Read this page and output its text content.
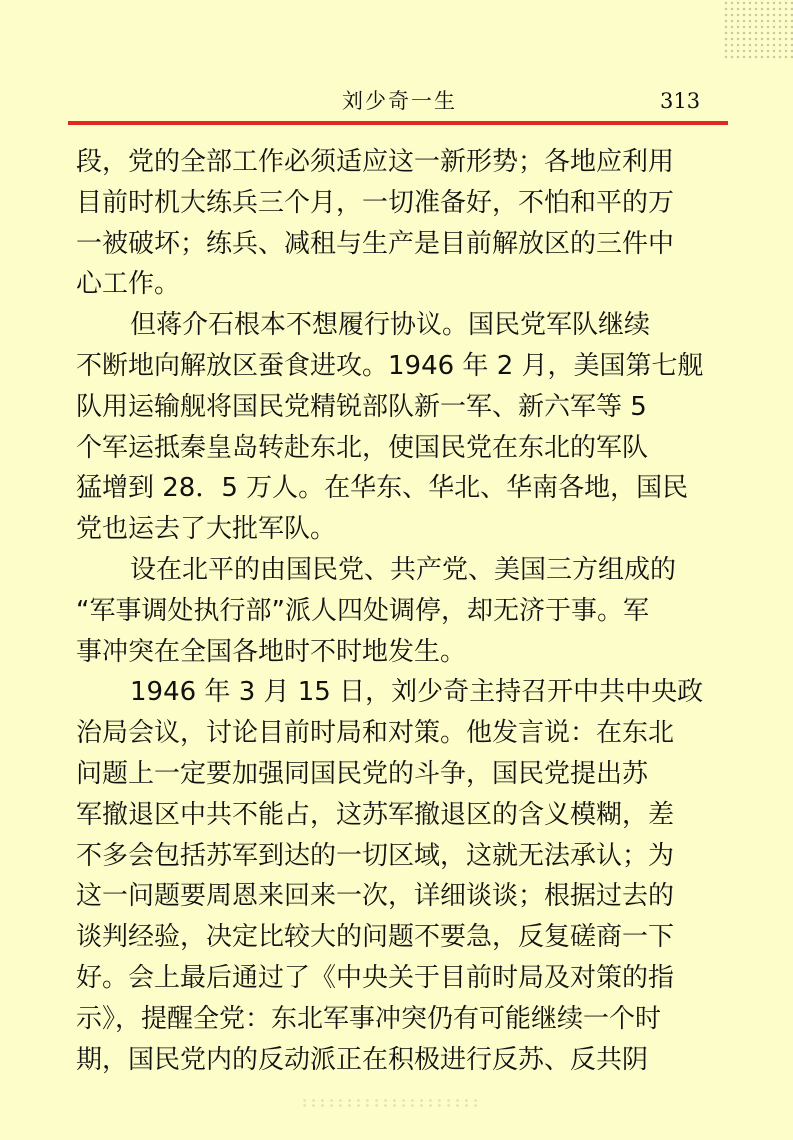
刘少奇一生	313
段，党的全部工作必须适应这一新形势；各地应利用
目前时机大练兵三个月，一切准备好，不怕和平的万
一被破坏；练兵、减租与生产是目前解放区的三件中
心工作。
但蒋介石根本不想履行协议。国民党军队继续
不断地向解放区蚕食进攻。1946 年 2 月，美国第七舰
队用运输舰将国民党精锐部队新一军、新六军等 5
个军运抵秦皇岛转赴东北，使国民党在东北的军队
猛增到 28．5 万人。在华东、华北、华南各地，国民
党也运去了大批军队。
设在北平的由国民党、共产党、美国三方组成的
“军事调处执行部”派人四处调停，却无济于事。军
事冲突在全国各地时不时地发生。
1946 年 3 月 15 日，刘少奇主持召开中共中央政
治局会议，讨论目前时局和对策。他发言说：在东北
问题上一定要加强同国民党的斗争，国民党提出苏
军撤退区中共不能占，这苏军撤退区的含义模糊，差
不多会包括苏军到达的一切区域，这就无法承认；为
这一问题要周恩来回来一次，详细谈谈；根据过去的
谈判经验，决定比较大的问题不要急，反复磋商一下
好。会上最后通过了《中央关于目前时局及对策的指
示》，提醒全党：东北军事冲突仍有可能继续一个时
期，国民党内的反动派正在积极进行反苏、反共阴
